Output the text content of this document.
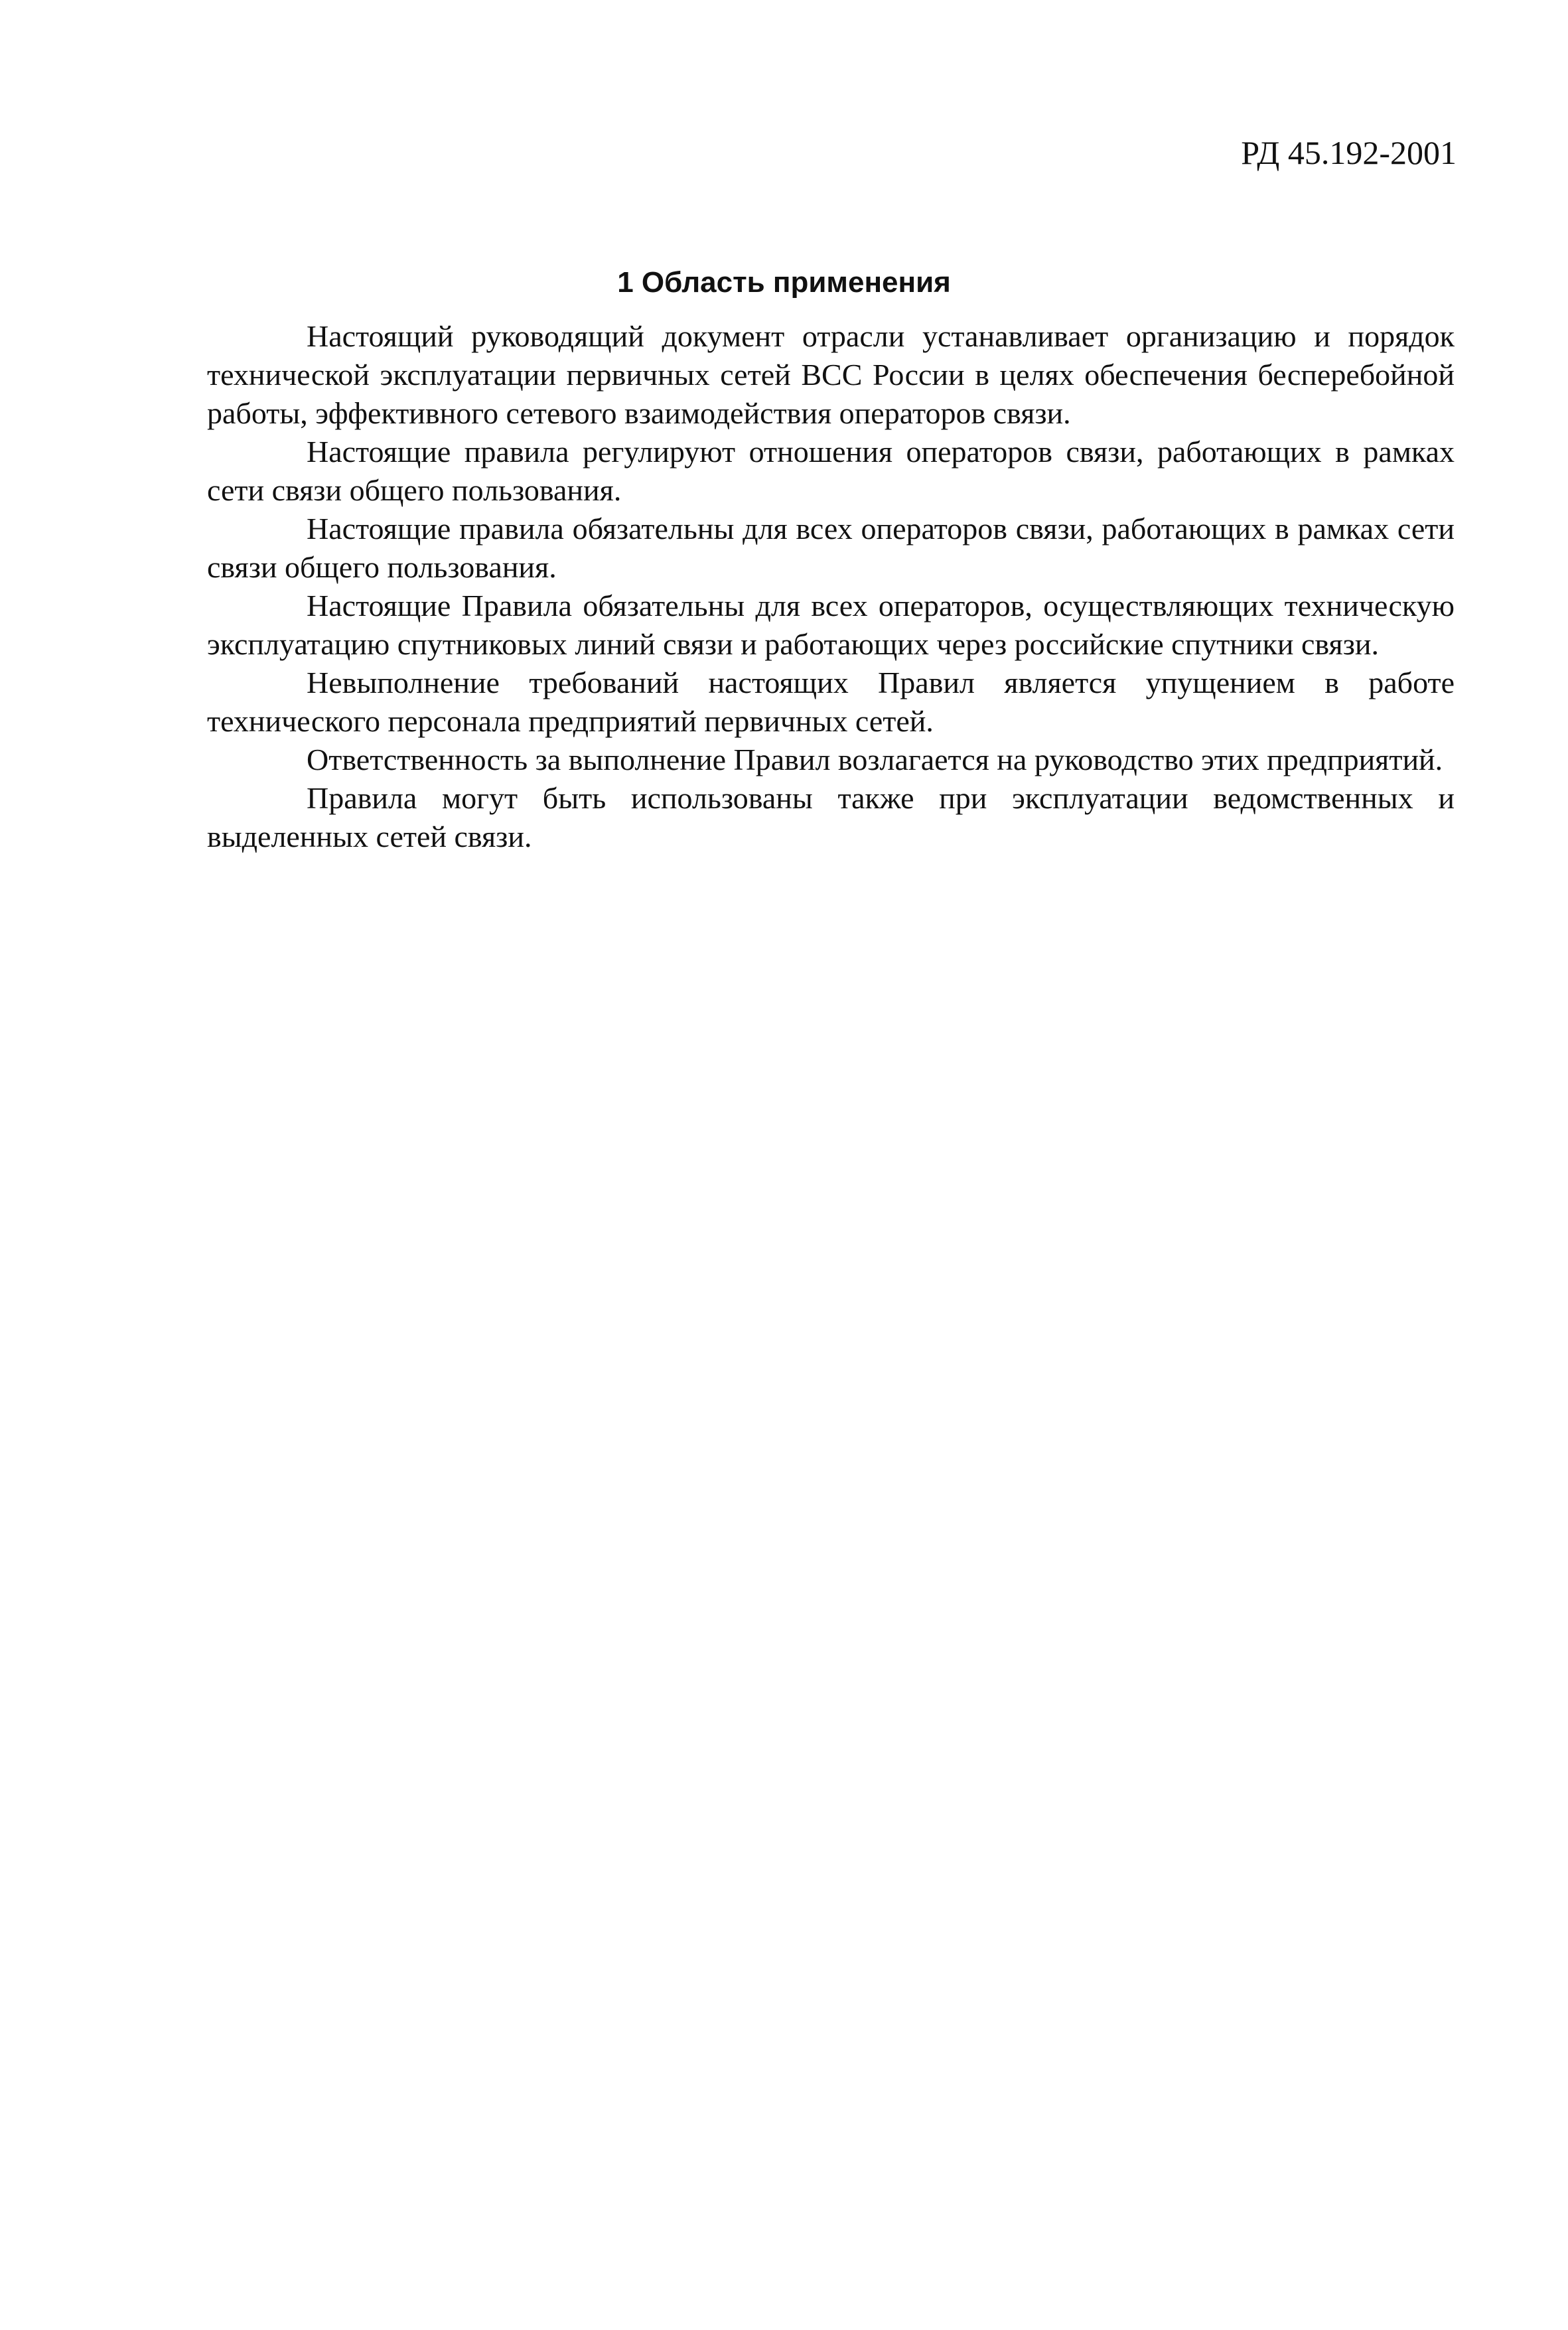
РД 45.192-2001
1 Область применения

Настоящий руководящий документ отрасли устанавливает организацию и порядок технической эксплуатации первичных сетей ВСС России в целях обеспечения бесперебойной работы, эффективного сетевого взаимодействия операторов связи.

Настоящие правила регулируют отношения операторов связи, работающих в рамках сети связи общего пользования.

Настоящие правила обязательны для всех операторов связи, работающих в рамках сети связи общего пользования.

Настоящие Правила обязательны для всех операторов, осуществляющих техническую эксплуатацию спутниковых линий связи и работающих через российские спутники связи.

Невыполнение требований настоящих Правил является упущением в работе технического персонала предприятий первичных сетей.

Ответственность за выполнение Правил возлагается на руководство этих предприятий.

Правила могут быть использованы также при эксплуатации ведомственных и выделенных сетей связи.
